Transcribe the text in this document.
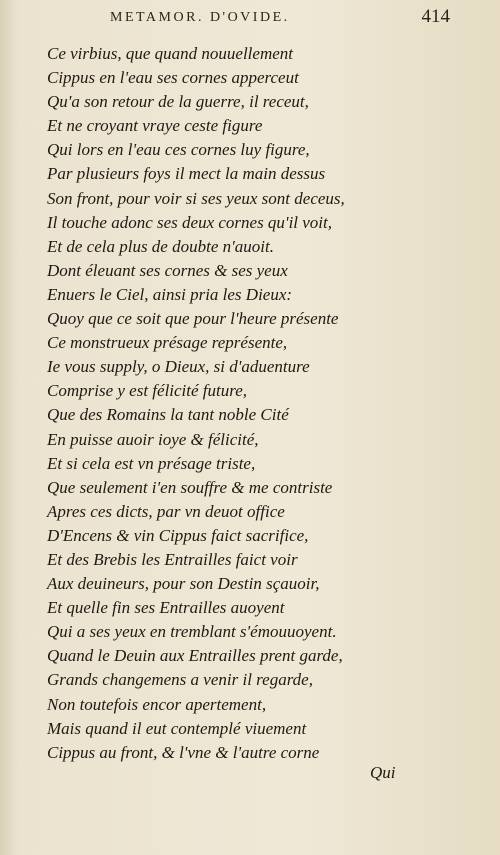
METAMOR. D'OVIDE.	414
Ce virbius, que quand nouuellement
Cippus en l'eau ses cornes apperceut
Qu'a son retour de la guerre, il receut,
Et ne croyant vraye ceste figure
Qui lors en l'eau ces cornes luy figure,
Par plusieurs foys il mect la main dessus
Son front, pour voir si ses yeux sont deceus,
Il touche adonc ses deux cornes qu'il voit,
Et de cela plus de doubte n'auoit.
Dont éleuant ses cornes & ses yeux
Enuers le Ciel, ainsi pria les Dieux:
Quoy que ce soit que pour l'heure présente
Ce monstrueux présage représente,
Ie vous supply, o Dieux, si d'aduenture
Comprise y est félicité future,
Que des Romains la tant noble Cité
En puisse auoir ioye & félicité,
Et si cela est vn présage triste,
Que seulement i'en souffre & me contriste
Apres ces dicts, par vn deuot office
D'Encens & vin Cippus faict sacrifice,
Et des Brebis les Entrailles faict voir
Aux deuineurs, pour son Destin sçauoir,
Et quelle fin ses Entrailles auoyent
Qui a ses yeux en tremblant s'émouuoyent.
Quand le Deuin aux Entrailles prent garde,
Grands changemens a venir il regarde,
Non toutefois encor apertement,
Mais quand il eut contemplé viuement
Cippus au front, & l'vne & l'autre corne
Qui
